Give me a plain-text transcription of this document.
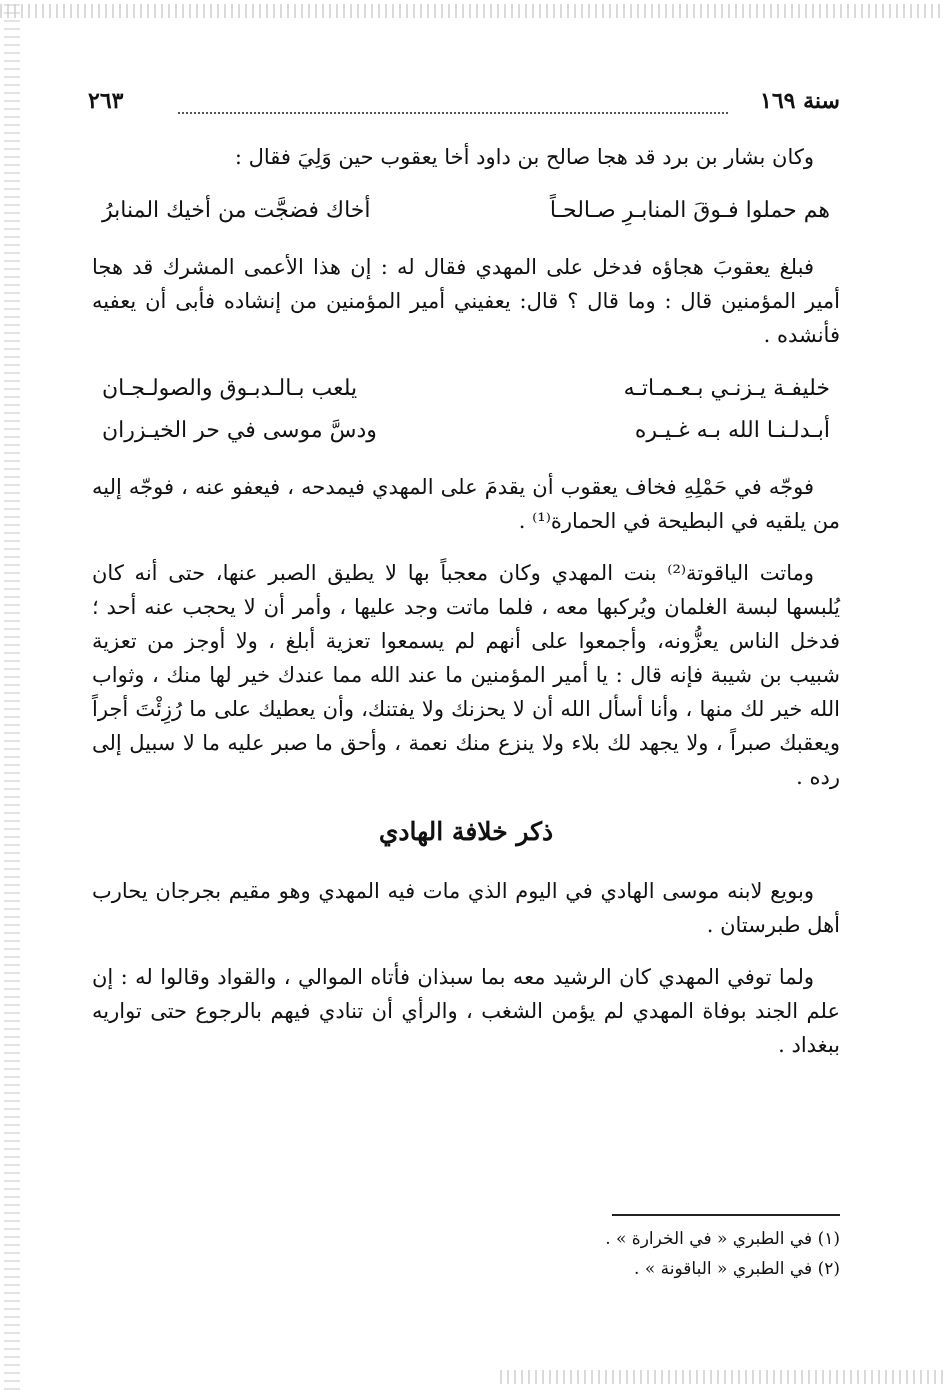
سنة ١٦٩
٢٦٣

وكان بشار بن برد قد هجا صالح بن داود أخا يعقوب حين وَلِيَ فقال :

هم حملوا فـوقَ المنابـرِ صـالحـاً
أخاك فضجَّت من أخيك المنابرُ

فبلغ يعقوبَ هجاؤه فدخل على المهدي فقال له : إن هذا الأعمى المشرك قد هجا أمير المؤمنين قال : وما قال ؟ قال: يعفيني أمير المؤمنين من إنشاده فأبى أن يعفيه فأنشده .

خليفـة يـزنـي بـعـمـاتـه
يلعب بـالـدبـوق والصولـجـان
أبـدلـنـا الله بـه غـيـره
ودسَّ موسى في حر الخيـزران

فوجّه في حَمْلِهِ فخاف يعقوب أن يقدمَ على المهدي فيمدحه ، فيعفو عنه ، فوجّه إليه من يلقيه في البطيحة في الحمارة⁽¹⁾ .

وماتت الياقوتة⁽²⁾ بنت المهدي وكان معجباً بها لا يطيق الصبر عنها، حتى أنه كان يُلبسها لبسة الغلمان ويُركبها معه ، فلما ماتت وجد عليها ، وأمر أن لا يحجب عنه أحد ؛ فدخل الناس يعزُّونه، وأجمعوا على أنهم لم يسمعوا تعزية أبلغ ، ولا أوجز من تعزية شبيب بن شيبة فإنه قال : يا أمير المؤمنين ما عند الله مما عندك خير لها منك ، وثواب الله خير لك منها ، وأنا أسأل الله أن لا يحزنك ولا يفتنك، وأن يعطيك على ما رُزِئْتَ أجراً ويعقبك صبراً ، ولا يجهد لك بلاء ولا ينزع منك نعمة ، وأحق ما صبر عليه ما لا سبيل إلى رده .

ذكر خلافة الهادي

وبويع لابنه موسى الهادي في اليوم الذي مات فيه المهدي وهو مقيم بجرجان يحارب أهل طبرستان .

ولما توفي المهدي كان الرشيد معه بما سبذان فأتاه الموالي ، والقواد وقالوا له : إن علم الجند بوفاة المهدي لم يؤمن الشغب ، والرأي أن تنادي فيهم بالرجوع حتى تواريه ببغداد .

(١) في الطبري « في الخرارة » .

(٢) في الطبري « الباقونة » .
